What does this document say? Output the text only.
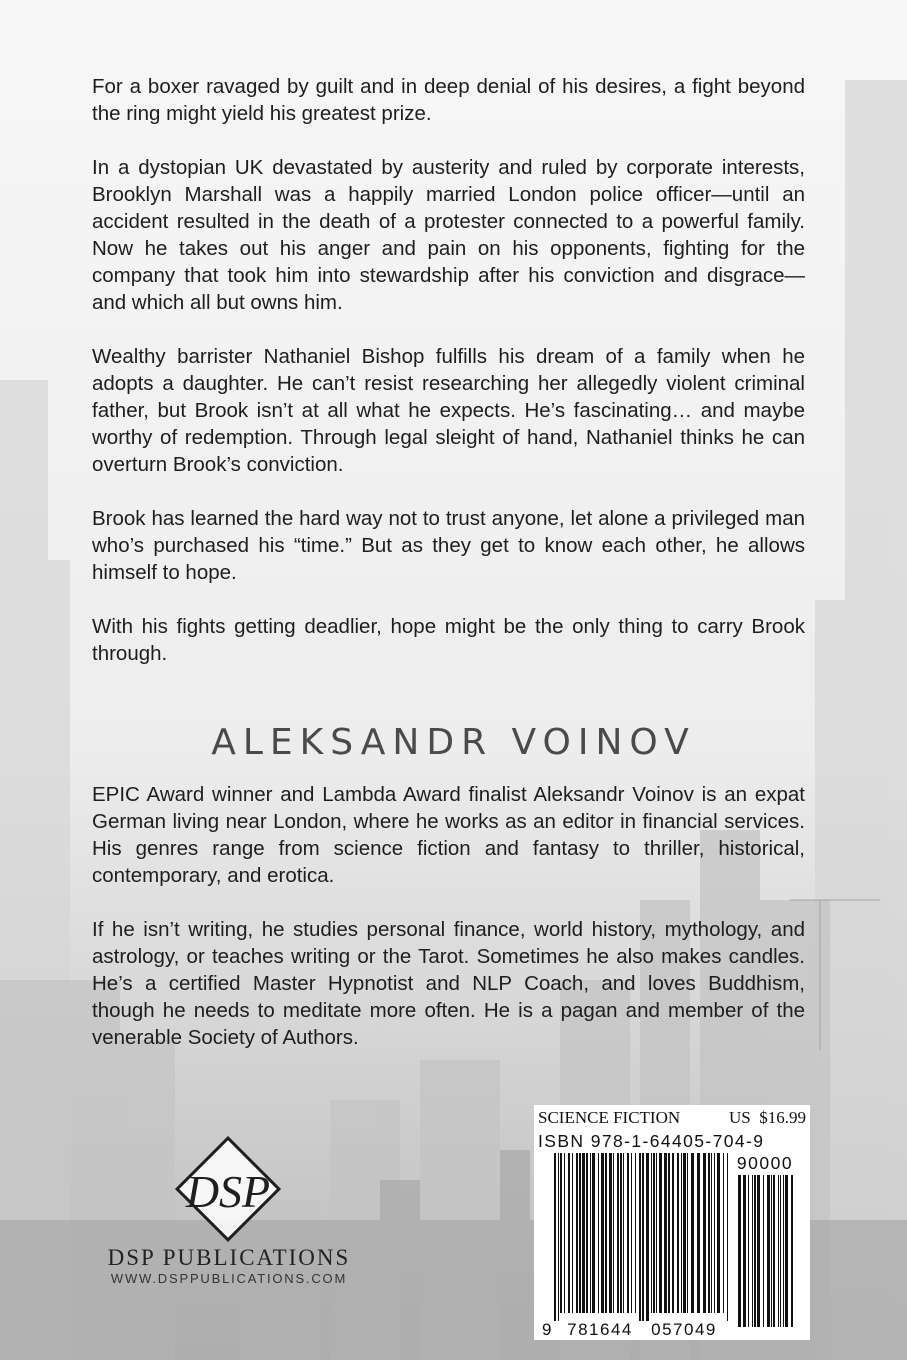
For a boxer ravaged by guilt and in deep denial of his desires, a fight beyond the ring might yield his greatest prize.

In a dystopian UK devastated by austerity and ruled by corporate interests, Brooklyn Marshall was a happily married London police officer—until an accident resulted in the death of a protester connected to a powerful family. Now he takes out his anger and pain on his opponents, fighting for the company that took him into stewardship after his conviction and disgrace—and which all but owns him.

Wealthy barrister Nathaniel Bishop fulfills his dream of a family when he adopts a daughter. He can’t resist researching her allegedly violent criminal father, but Brook isn’t at all what he expects. He’s fascinating… and maybe worthy of redemption. Through legal sleight of hand, Nathaniel thinks he can overturn Brook’s conviction.

Brook has learned the hard way not to trust anyone, let alone a privileged man who’s purchased his “time.” But as they get to know each other, he allows himself to hope.

With his fights getting deadlier, hope might be the only thing to carry Brook through.

ALEKSANDR VOINOV

EPIC Award winner and Lambda Award finalist Aleksandr Voinov is an expat German living near London, where he works as an editor in financial services. His genres range from science fiction and fantasy to thriller, historical, contemporary, and erotica.

If he isn’t writing, he studies personal finance, world history, mythology, and astrology, or teaches writing or the Tarot. Sometimes he also makes candles. He’s a certified Master Hypnotist and NLP Coach, and loves Buddhism, though he needs to meditate more often. He is a pagan and member of the venerable Society of Authors.

DSP
DSP PUBLICATIONS
WWW.DSPPUBLICATIONS.COM
SCIENCE FICTION	US  $16.99
ISBN 978-1-64405-704-9
9 781644 057049
90000
